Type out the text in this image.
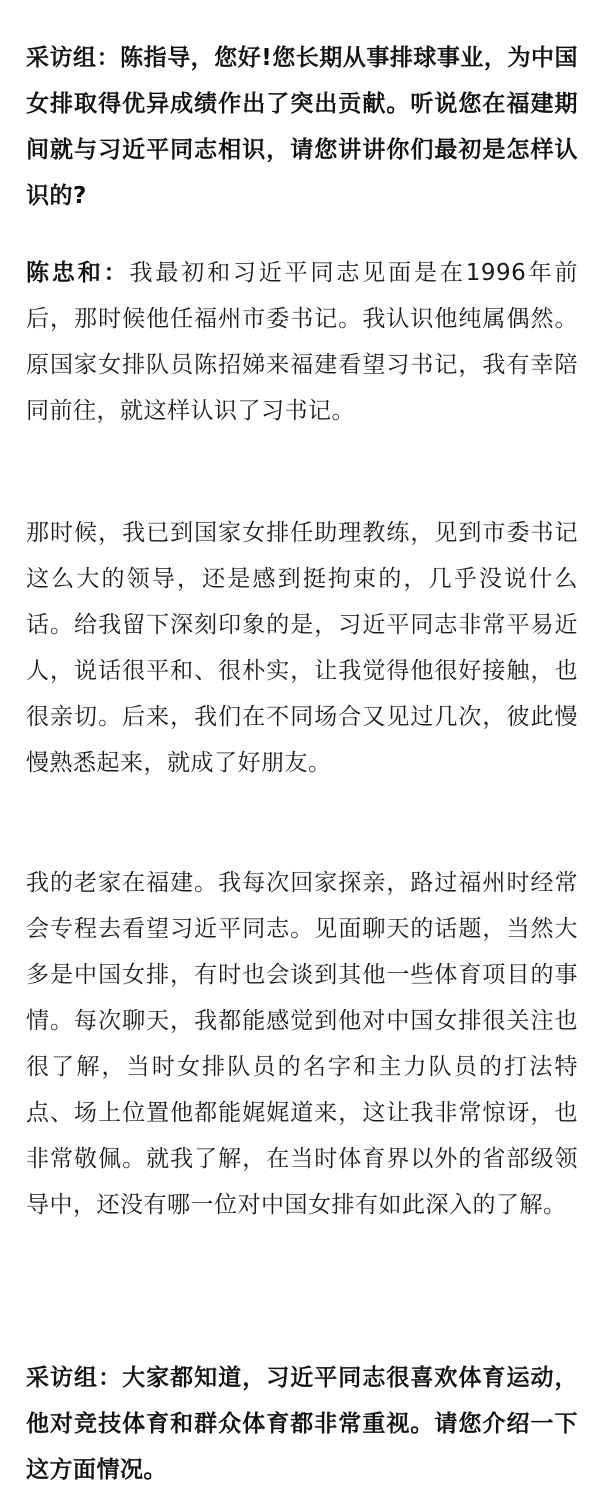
采访组：陈指导，您好!您长期从事排球事业，为中国女排取得优异成绩作出了突出贡献。听说您在福建期间就与习近平同志相识，请您讲讲你们最初是怎样认识的?

陈忠和：我最初和习近平同志见面是在1996年前后，那时候他任福州市委书记。我认识他纯属偶然。原国家女排队员陈招娣来福建看望习书记，我有幸陪同前往，就这样认识了习书记。

那时候，我已到国家女排任助理教练，见到市委书记这么大的领导，还是感到挺拘束的，几乎没说什么话。给我留下深刻印象的是，习近平同志非常平易近人，说话很平和、很朴实，让我觉得他很好接触，也很亲切。后来，我们在不同场合又见过几次，彼此慢慢熟悉起来，就成了好朋友。

我的老家在福建。我每次回家探亲，路过福州时经常会专程去看望习近平同志。见面聊天的话题，当然大多是中国女排，有时也会谈到其他一些体育项目的事情。每次聊天，我都能感觉到他对中国女排很关注也很了解，当时女排队员的名字和主力队员的打法特点、场上位置他都能娓娓道来，这让我非常惊讶，也非常敬佩。就我了解，在当时体育界以外的省部级领导中，还没有哪一位对中国女排有如此深入的了解。

采访组：大家都知道，习近平同志很喜欢体育运动，他对竞技体育和群众体育都非常重视。请您介绍一下这方面情况。
